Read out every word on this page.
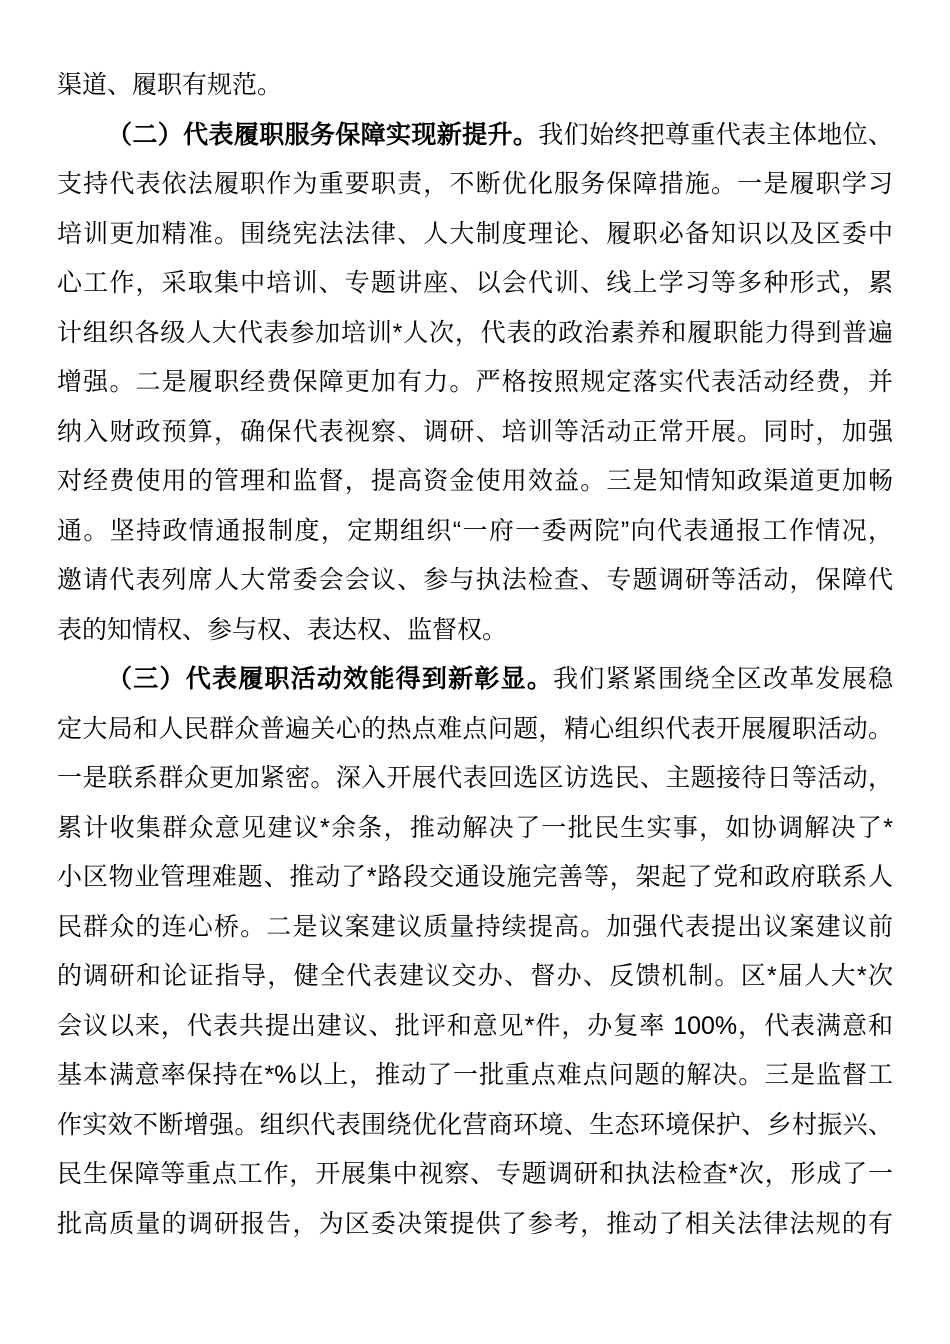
渠道、履职有规范。
（二）代表履职服务保障实现新提升。我们始终把尊重代表主体地位、
支持代表依法履职作为重要职责，不断优化服务保障措施。一是履职学习
培训更加精准。围绕宪法法律、人大制度理论、履职必备知识以及区委中
心工作，采取集中培训、专题讲座、以会代训、线上学习等多种形式，累
计组织各级人大代表参加培训*人次，代表的政治素养和履职能力得到普遍
增强。二是履职经费保障更加有力。严格按照规定落实代表活动经费，并
纳入财政预算，确保代表视察、调研、培训等活动正常开展。同时，加强
对经费使用的管理和监督，提高资金使用效益。三是知情知政渠道更加畅
通。坚持政情通报制度，定期组织“一府一委两院”向代表通报工作情况，
邀请代表列席人大常委会会议、参与执法检查、专题调研等活动，保障代
表的知情权、参与权、表达权、监督权。
（三）代表履职活动效能得到新彰显。我们紧紧围绕全区改革发展稳
定大局和人民群众普遍关心的热点难点问题，精心组织代表开展履职活动。
一是联系群众更加紧密。深入开展代表回选区访选民、主题接待日等活动，
累计收集群众意见建议*余条，推动解决了一批民生实事，如协调解决了*
小区物业管理难题、推动了*路段交通设施完善等，架起了党和政府联系人
民群众的连心桥。二是议案建议质量持续提高。加强代表提出议案建议前
的调研和论证指导，健全代表建议交办、督办、反馈机制。区*届人大*次
会议以来，代表共提出建议、批评和意见*件，办复率 100%，代表满意和
基本满意率保持在*%以上，推动了一批重点难点问题的解决。三是监督工
作实效不断增强。组织代表围绕优化营商环境、生态环境保护、乡村振兴、
民生保障等重点工作，开展集中视察、专题调研和执法检查*次，形成了一
批高质量的调研报告，为区委决策提供了参考，推动了相关法律法规的有
